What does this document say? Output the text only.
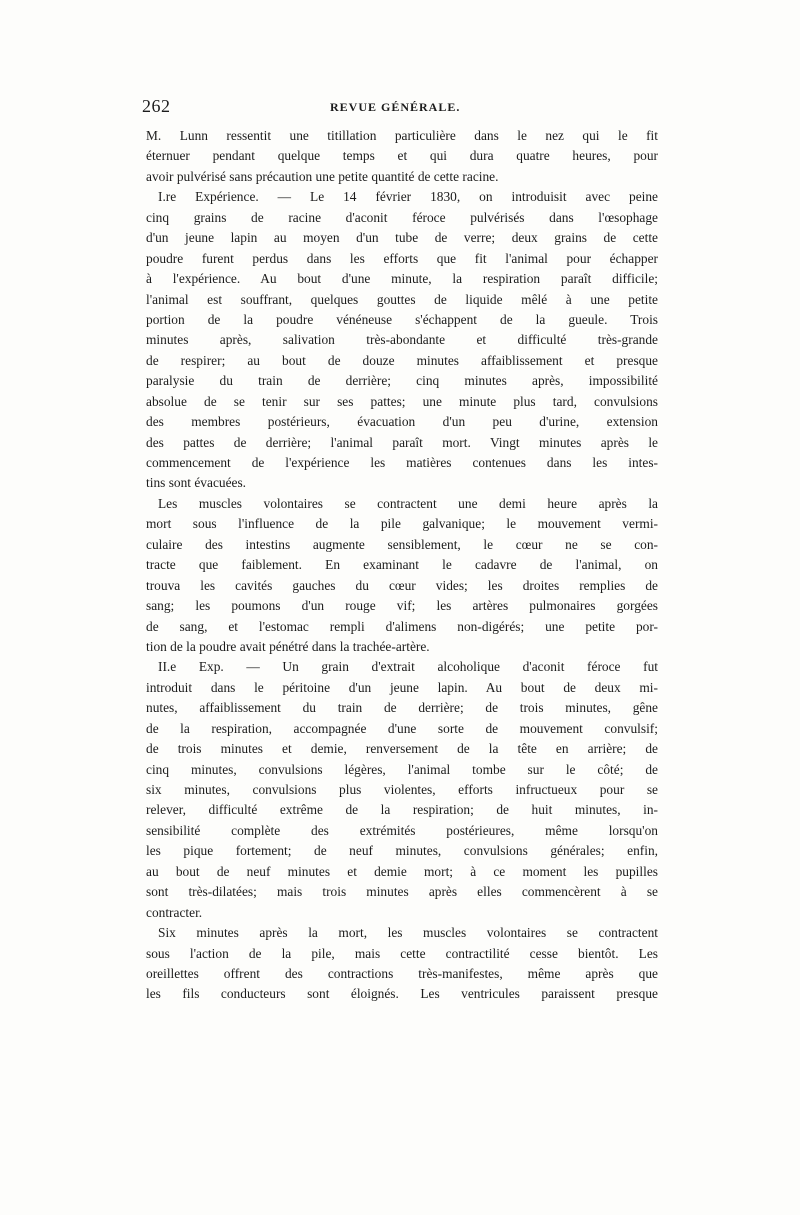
262	REVUE GÉNÉRALE.
M. Lunn ressentit une titillation particulière dans le nez qui le fit
éternuer pendant quelque temps et qui dura quatre heures, pour
avoir pulvérisé sans précaution une petite quantité de cette racine.
I.re Expérience. — Le 14 février 1830, on introduisit avec peine
cinq grains de racine d'aconit féroce pulvérisés dans l'œsophage
d'un jeune lapin au moyen d'un tube de verre; deux grains de cette
poudre furent perdus dans les efforts que fit l'animal pour échapper
à l'expérience. Au bout d'une minute, la respiration paraît difficile;
l'animal est souffrant, quelques gouttes de liquide mêlé à une petite
portion de la poudre vénéneuse s'échappent de la gueule. Trois
minutes après, salivation très-abondante et difficulté très-grande
de respirer; au bout de douze minutes affaiblissement et presque
paralysie du train de derrière; cinq minutes après, impossibilité
absolue de se tenir sur ses pattes; une minute plus tard, convulsions
des membres postérieurs, évacuation d'un peu d'urine, extension
des pattes de derrière; l'animal paraît mort. Vingt minutes après le
commencement de l'expérience les matières contenues dans les intes-
tins sont évacuées.
Les muscles volontaires se contractent une demi heure après la
mort sous l'influence de la pile galvanique; le mouvement vermi-
culaire des intestins augmente sensiblement, le cœur ne se con-
tracte que faiblement. En examinant le cadavre de l'animal, on
trouva les cavités gauches du cœur vides; les droites remplies de
sang; les poumons d'un rouge vif; les artères pulmonaires gorgées
de sang, et l'estomac rempli d'alimens non-digérés; une petite por-
tion de la poudre avait pénétré dans la trachée-artère.
II.e Exp. — Un grain d'extrait alcoholique d'aconit féroce fut
introduit dans le péritoine d'un jeune lapin. Au bout de deux mi-
nutes, affaiblissement du train de derrière; de trois minutes, gêne
de la respiration, accompagnée d'une sorte de mouvement convulsif;
de trois minutes et demie, renversement de la tête en arrière; de
cinq minutes, convulsions légères, l'animal tombe sur le côté; de
six minutes, convulsions plus violentes, efforts infructueux pour se
relever, difficulté extrême de la respiration; de huit minutes, in-
sensibilité complète des extrémités postérieures, même lorsqu'on
les pique fortement; de neuf minutes, convulsions générales; enfin,
au bout de neuf minutes et demie mort; à ce moment les pupilles
sont très-dilatées; mais trois minutes après elles commencèrent à se
contracter.
Six minutes après la mort, les muscles volontaires se contractent
sous l'action de la pile, mais cette contractilité cesse bientôt. Les
oreillettes offrent des contractions très-manifestes, même après que
les fils conducteurs sont éloignés. Les ventricules paraissent presque
